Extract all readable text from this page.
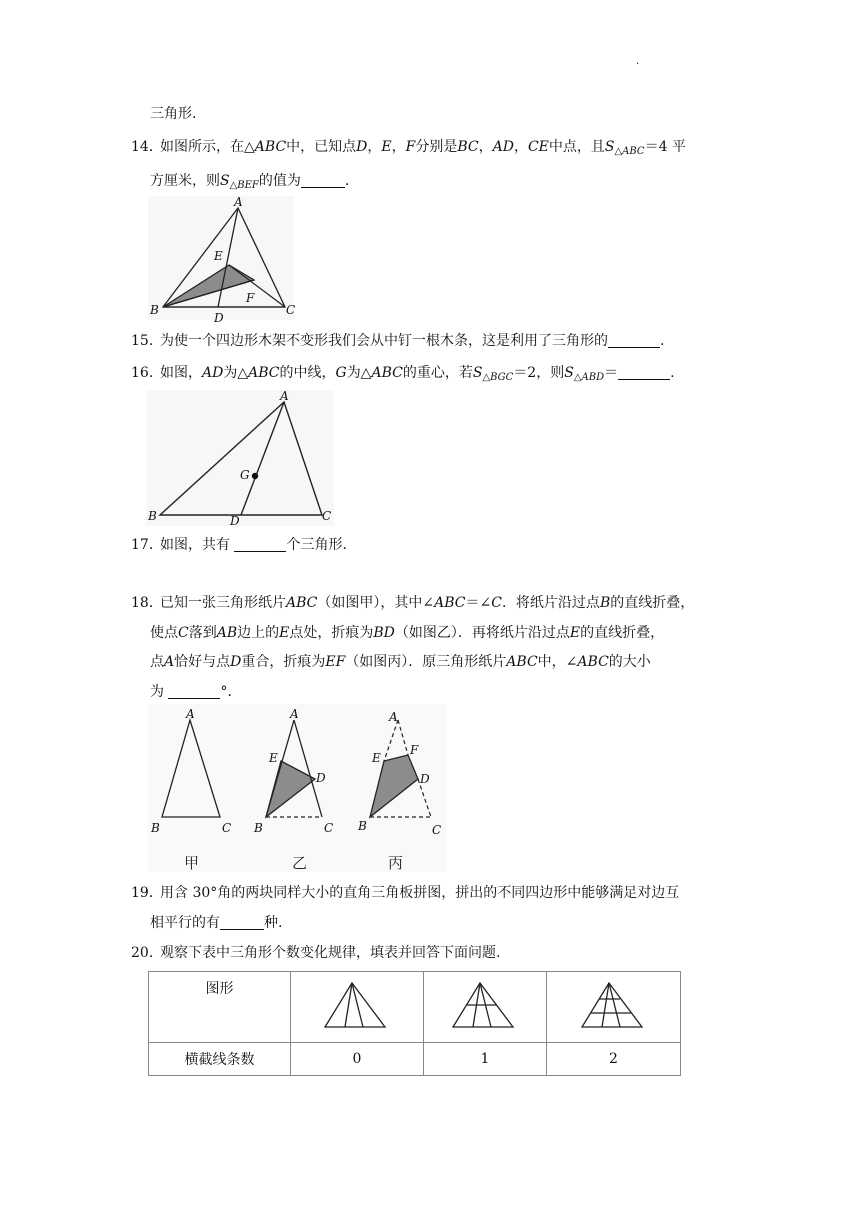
.
三角形.
14．
如图所示，在△ABC中，已知点D，E，F分别是BC，AD，CE中点，且$S_{\triangle ABC}=4$ 平
方厘米，则$S_{\triangle BEF}$的值为	.
A
E
B
D
F
C
15．
为使一个四边形木架不变形我们会从中钉一根木条，这是利用了三角形的	.
16．
如图，AD为△ABC的中线，G为△ABC的重心，若$S_{\triangle BGC}=2$，则$S_{\triangle ABD}=$	.
A
G
B	D	C
17．
如图，共有	个三角形.
18．
已知一张三角形纸片ABC（如图甲），其中∠ABC＝∠C．将纸片沿过点B的直线折叠，
使点C落到AB边上的E点处，折痕为BD（如图乙）．再将纸片沿过点E的直线折叠，
点A恰好与点D重合，折痕为EF（如图丙）．原三角形纸片ABC中，∠ABC的大小
为	°．
A
B	C
A
E
D
B	C
A
E
F
D
B	C
甲	乙	丙
19．
用含 30°角的两块同样大小的直角三角板拼图，拼出的不同四边形中能够满足对边互
相平行的有	种.
20．
观察下表中三角形个数变化规律，填表并回答下面问题.
图形			
横截线条数	0	1	2
